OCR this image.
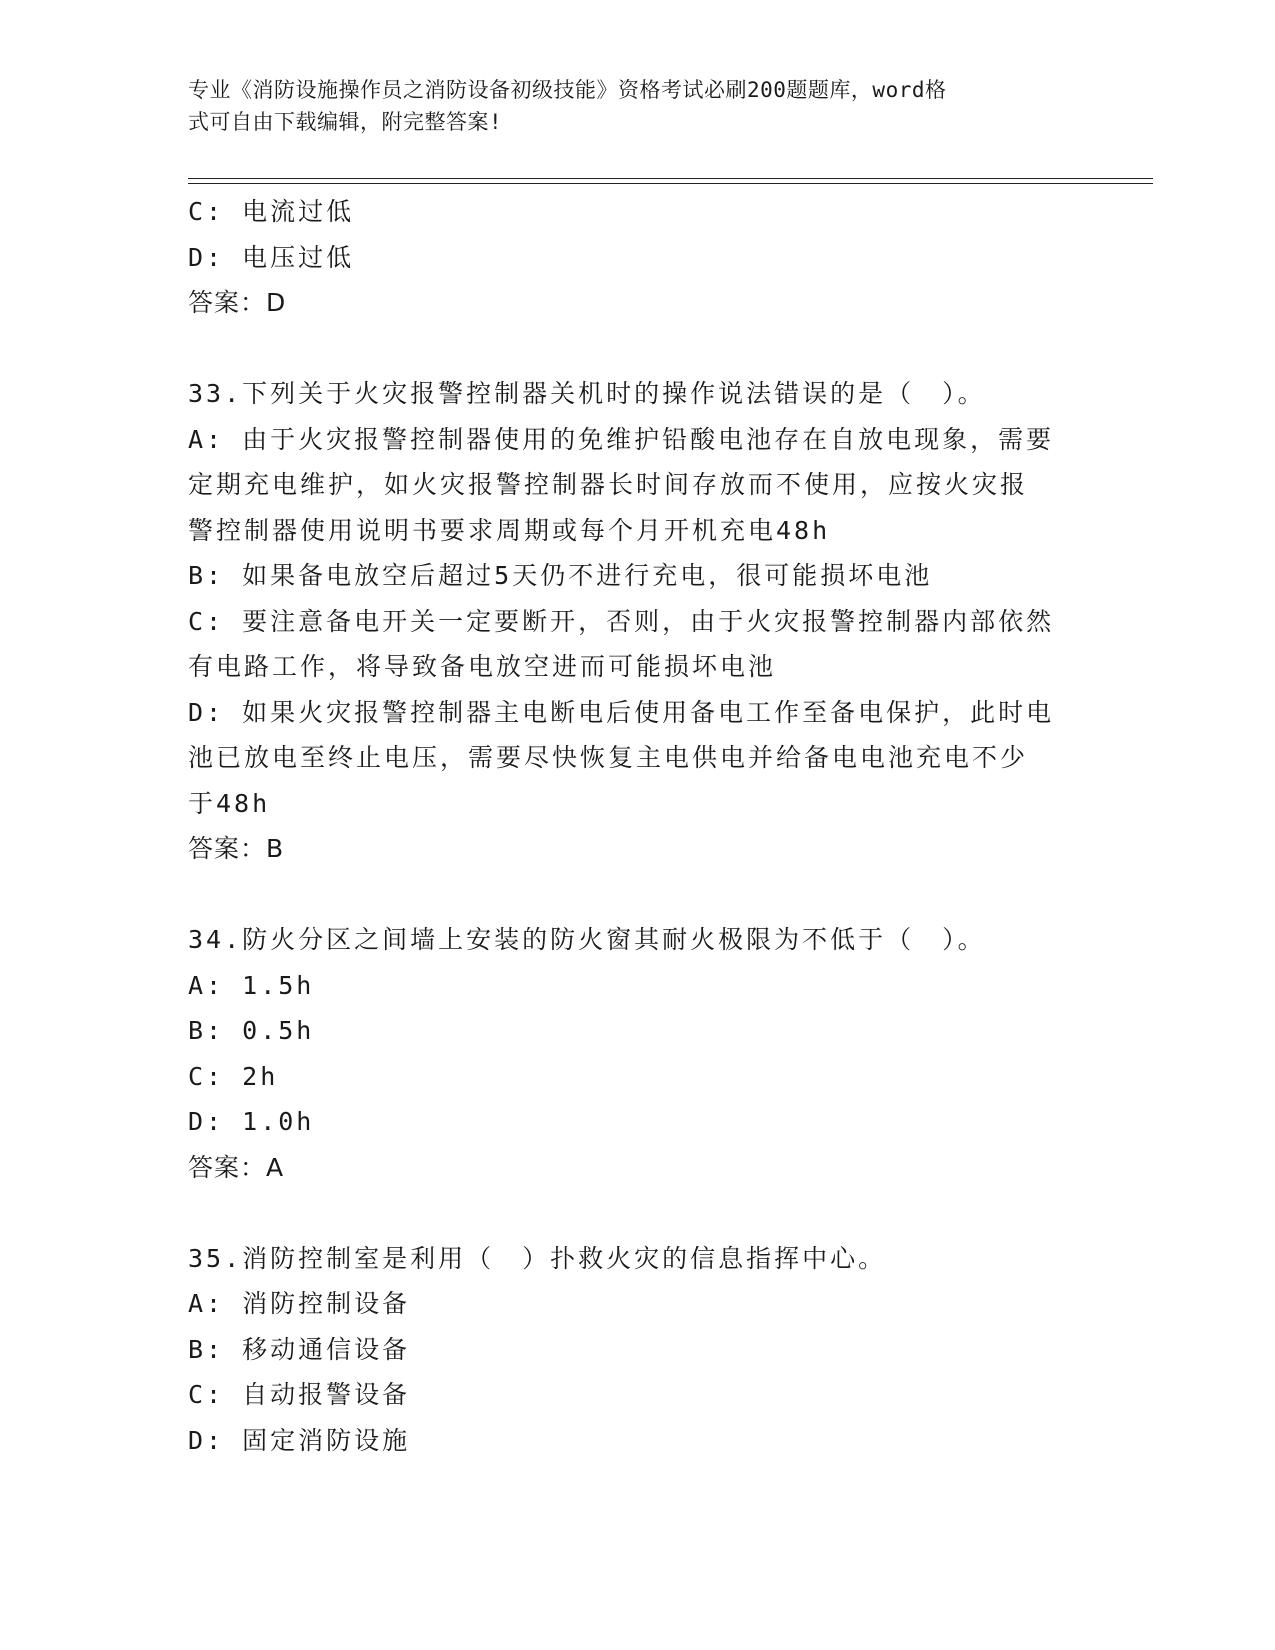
专业《消防设施操作员之消防设备初级技能》资格考试必刷200题题库，word格
式可自由下载编辑，附完整答案!
C: 电流过低
D: 电压过低
答案：D
33.下列关于火灾报警控制器关机时的操作说法错误的是（　）。
A: 由于火灾报警控制器使用的免维护铅酸电池存在自放电现象，需要
定期充电维护，如火灾报警控制器长时间存放而不使用，应按火灾报
警控制器使用说明书要求周期或每个月开机充电48h
B: 如果备电放空后超过5天仍不进行充电，很可能损坏电池
C: 要注意备电开关一定要断开，否则，由于火灾报警控制器内部依然
有电路工作，将导致备电放空进而可能损坏电池
D: 如果火灾报警控制器主电断电后使用备电工作至备电保护，此时电
池已放电至终止电压，需要尽快恢复主电供电并给备电电池充电不少
于48h
答案：B
34.防火分区之间墙上安装的防火窗其耐火极限为不低于（　）。
A: 1.5h
B: 0.5h
C: 2h
D: 1.0h
答案：A
35.消防控制室是利用（　）扑救火灾的信息指挥中心。
A: 消防控制设备
B: 移动通信设备
C: 自动报警设备
D: 固定消防设施
